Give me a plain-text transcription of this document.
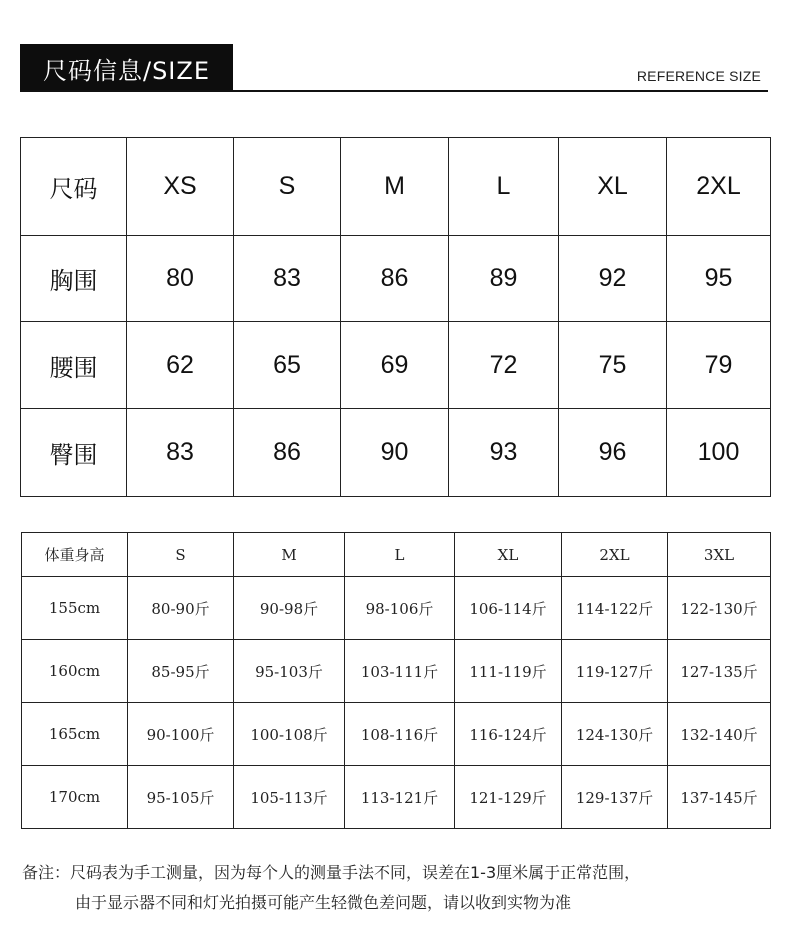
尺码信息/SIZE	REFERENCE SIZE
尺码	XS	S	M	L	XL	2XL
胸围	80	83	86	89	92	95
腰围	62	65	69	72	75	79
臀围	83	86	90	93	96	100
体重身高	S	M	L	XL	2XL	3XL
155cm	80-90斤	90-98斤	98-106斤	106-114斤	114-122斤	122-130斤
160cm	85-95斤	95-103斤	103-111斤	111-119斤	119-127斤	127-135斤
165cm	90-100斤	100-108斤	108-116斤	116-124斤	124-130斤	132-140斤
170cm	95-105斤	105-113斤	113-121斤	121-129斤	129-137斤	137-145斤
备注：尺码表为手工测量，因为每个人的测量手法不同，误差在1-3厘米属于正常范围，
由于显示器不同和灯光拍摄可能产生轻微色差问题，请以收到实物为准
